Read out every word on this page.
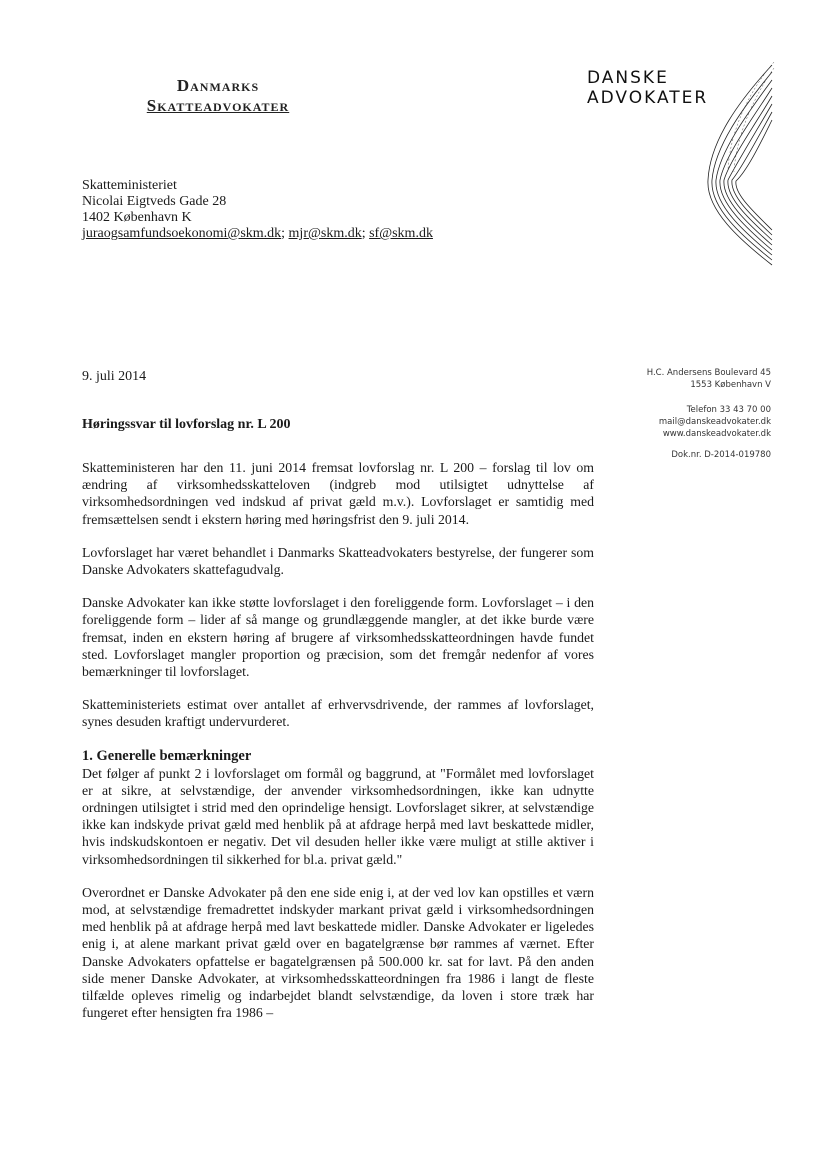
Danmarks
Skatteadvokater
DANSKE
ADVOKATER
Skatteministeriet
Nicolai Eigtveds Gade 28
1402 København K
juraogsamfundsoekonomi@skm.dk; mjr@skm.dk; sf@skm.dk
9. juli 2014
Høringssvar til lovforslag nr. L 200
H.C. Andersens Boulevard 45
1553 København V
Telefon 33 43 70 00
mail@danskeadvokater.dk
www.danskeadvokater.dk
Dok.nr. D-2014-019780

Skatteministeren har den 11. juni 2014 fremsat lovforslag nr. L 200 – forslag til lov om ændring af virksomhedsskatteloven (indgreb mod utilsigtet udnyttelse af virksomhedsordningen ved indskud af privat gæld m.v.). Lovforslaget er samtidig med fremsættelsen sendt i ekstern høring med høringsfrist den 9. juli 2014.

Lovforslaget har været behandlet i Danmarks Skatteadvokaters bestyrelse, der fungerer som Danske Advokaters skattefagudvalg.

Danske Advokater kan ikke støtte lovforslaget i den foreliggende form. Lovforslaget – i den foreliggende form – lider af så mange og grundlæggende mangler, at det ikke burde være fremsat, inden en ekstern høring af brugere af virksomhedsskatteordningen havde fundet sted. Lovforslaget mangler proportion og præcision, som det fremgår nedenfor af vores bemærkninger til lovforslaget.

Skatteministeriets estimat over antallet af erhvervsdrivende, der rammes af lovforslaget, synes desuden kraftigt undervurderet.

1. Generelle bemærkninger

Det følger af punkt 2 i lovforslaget om formål og baggrund, at "Formålet med lovforslaget er at sikre, at selvstændige, der anvender virksomhedsordningen, ikke kan udnytte ordningen utilsigtet i strid med den oprindelige hensigt. Lovforslaget sikrer, at selvstændige ikke kan indskyde privat gæld med henblik på at afdrage herpå med lavt beskattede midler, hvis indskudskontoen er negativ. Det vil desuden heller ikke være muligt at stille aktiver i virksomhedsordningen til sikkerhed for bl.a. privat gæld."

Overordnet er Danske Advokater på den ene side enig i, at der ved lov kan opstilles et værn mod, at selvstændige fremadrettet indskyder markant privat gæld i virksomhedsordningen med henblik på at afdrage herpå med lavt beskattede midler. Danske Advokater er ligeledes enig i, at alene markant privat gæld over en bagatelgrænse bør rammes af værnet. Efter Danske Advokaters opfattelse er bagatelgrænsen på 500.000 kr. sat for lavt. På den anden side mener Danske Advokater, at virksomhedsskatteordningen fra 1986 i langt de fleste tilfælde opleves rimelig og indarbejdet blandt selvstændige, da loven i store træk har fungeret efter hensigten fra 1986 –
